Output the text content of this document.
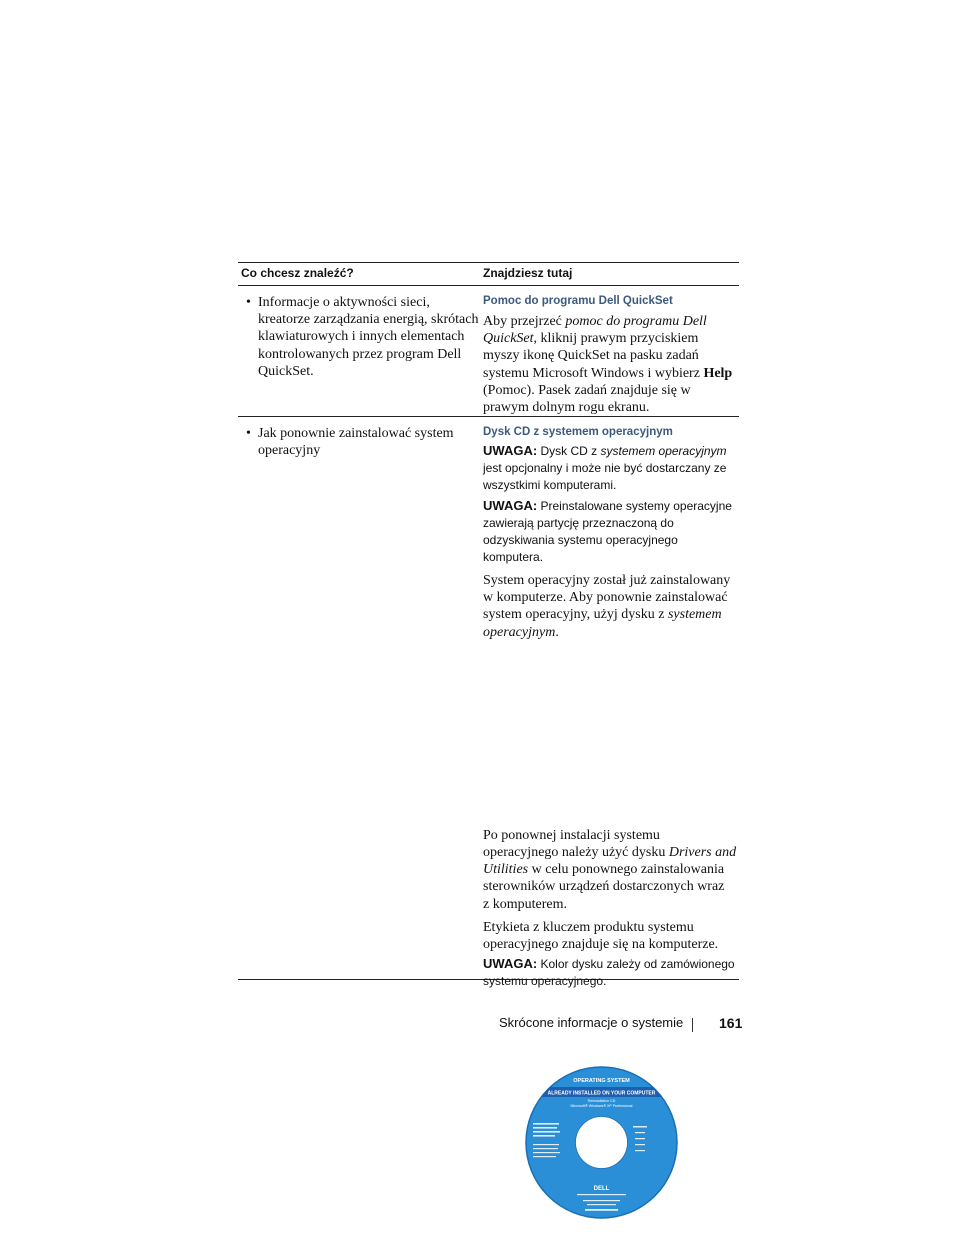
Co chcesz znaleźć?	Znajdziesz tutaj
• Informacje o aktywności sieci,
kreatorze zarządzania energią, skrótach
klawiaturowych i innych elementach
kontrolowanych przez program Dell
QuickSet.
Pomoc do programu Dell QuickSet
Aby przejrzeć pomoc do programu Dell
QuickSet, kliknij prawym przyciskiem
myszy ikonę QuickSet na pasku zadań
systemu Microsoft Windows i wybierz Help
(Pomoc). Pasek zadań znajduje się w
prawym dolnym rogu ekranu.
• Jak ponownie zainstalować system
operacyjny
Dysk CD z systemem operacyjnym
UWAGA: Dysk CD z systemem operacyjnym
jest opcjonalny i może nie być dostarczany ze
wszystkimi komputerami.
UWAGA: Preinstalowane systemy operacyjne
zawierają partycję przeznaczoną do
odzyskiwania systemu operacyjnego
komputera.
System operacyjny został już zainstalowany
w komputerze. Aby ponownie zainstalować
system operacyjny, użyj dysku z systemem
operacyjnym.
Po ponownej instalacji systemu
operacyjnego należy użyć dysku Drivers and
Utilities w celu ponownego zainstalowania
sterowników urządzeń dostarczonych wraz
z komputerem.
Etykieta z kluczem produktu systemu
operacyjnego znajduje się na komputerze.
UWAGA: Kolor dysku zależy od zamówionego
systemu operacyjnego.
OPERATING SYSTEM
ALREADY INSTALLED ON YOUR COMPUTER
Reinstallation CD
Microsoft® Windows® XP Professional
DELL
Skrócone informacje o systemie	161
